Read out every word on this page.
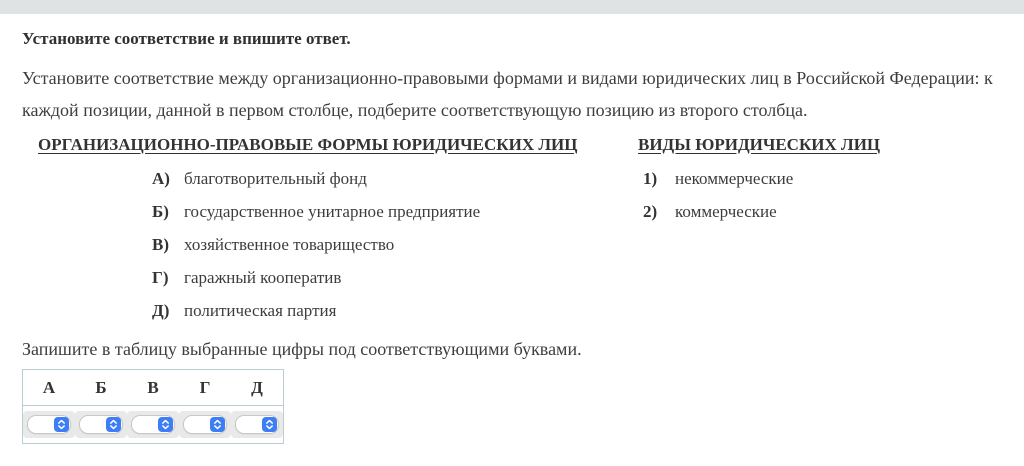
Установите соответствие и впишите ответ.

Установите соответствие между организационно-правовыми формами и видами юридических лиц в Российской Федерации: к каждой позиции, данной в первом столбце, подберите соответствующую позицию из второго столбца.

ОРГАНИЗАЦИОННО-ПРАВОВЫЕ ФОРМЫ ЮРИДИЧЕСКИХ ЛИЦ
А) благотворительный фонд
Б) государственное унитарное предприятие
В) хозяйственное товарищество
Г) гаражный кооператив
Д) политическая партия
ВИДЫ ЮРИДИЧЕСКИХ ЛИЦ
1)	некоммерческие
2)	коммерческие

Запишите в таблицу выбранные цифры под соответствующими буквами.

А	Б	В	Г	Д
